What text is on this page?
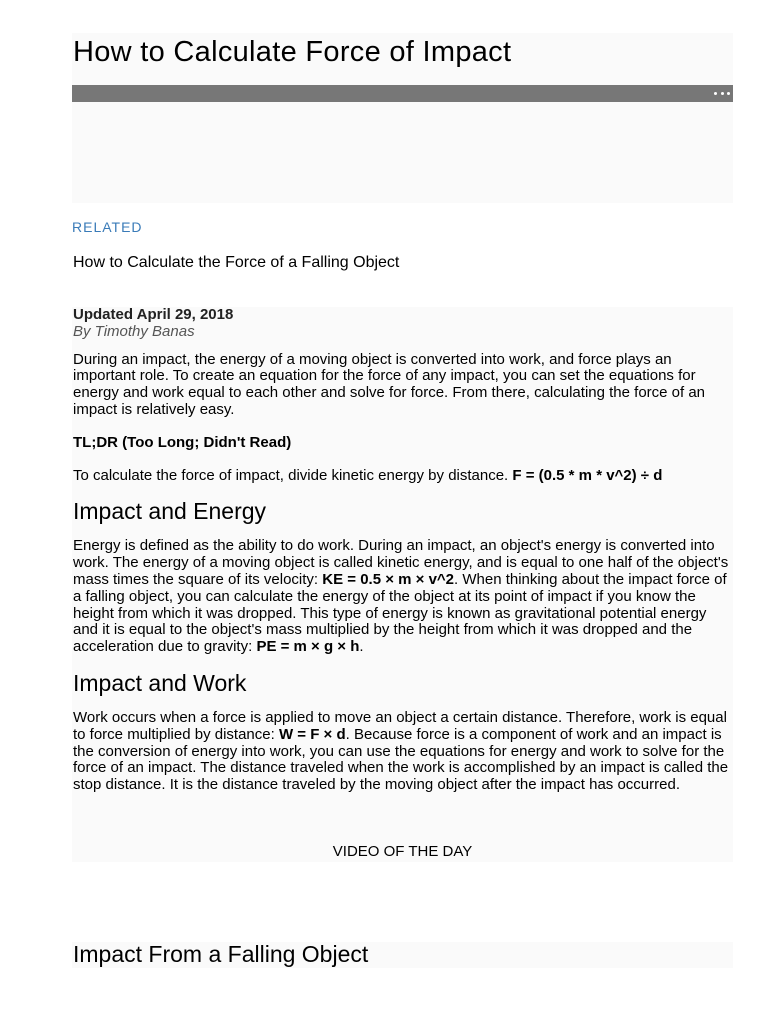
How to Calculate Force of Impact

RELATED

How to Calculate the Force of a Falling Object

Updated April 29, 2018

By Timothy Banas

During an impact, the energy of a moving object is converted into work, and force plays an important role. To create an equation for the force of any impact, you can set the equations for energy and work equal to each other and solve for force. From there, calculating the force of an impact is relatively easy.

TL;DR (Too Long; Didn't Read)

To calculate the force of impact, divide kinetic energy by distance. F = (0.5 * m * v^2) ÷ d

Impact and Energy

Energy is defined as the ability to do work. During an impact, an object's energy is converted into work. The energy of a moving object is called kinetic energy, and is equal to one half of the object's mass times the square of its velocity: KE = 0.5 × m × v^2. When thinking about the impact force of a falling object, you can calculate the energy of the object at its point of impact if you know the height from which it was dropped. This type of energy is known as gravitational potential energy and it is equal to the object's mass multiplied by the height from which it was dropped and the acceleration due to gravity: PE = m × g × h.

Impact and Work

Work occurs when a force is applied to move an object a certain distance. Therefore, work is equal to force multiplied by distance: W = F × d. Because force is a component of work and an impact is the conversion of energy into work, you can use the equations for energy and work to solve for the force of an impact. The distance traveled when the work is accomplished by an impact is called the stop distance. It is the distance traveled by the moving object after the impact has occurred.

VIDEO OF THE DAY
Impact From a Falling Object
